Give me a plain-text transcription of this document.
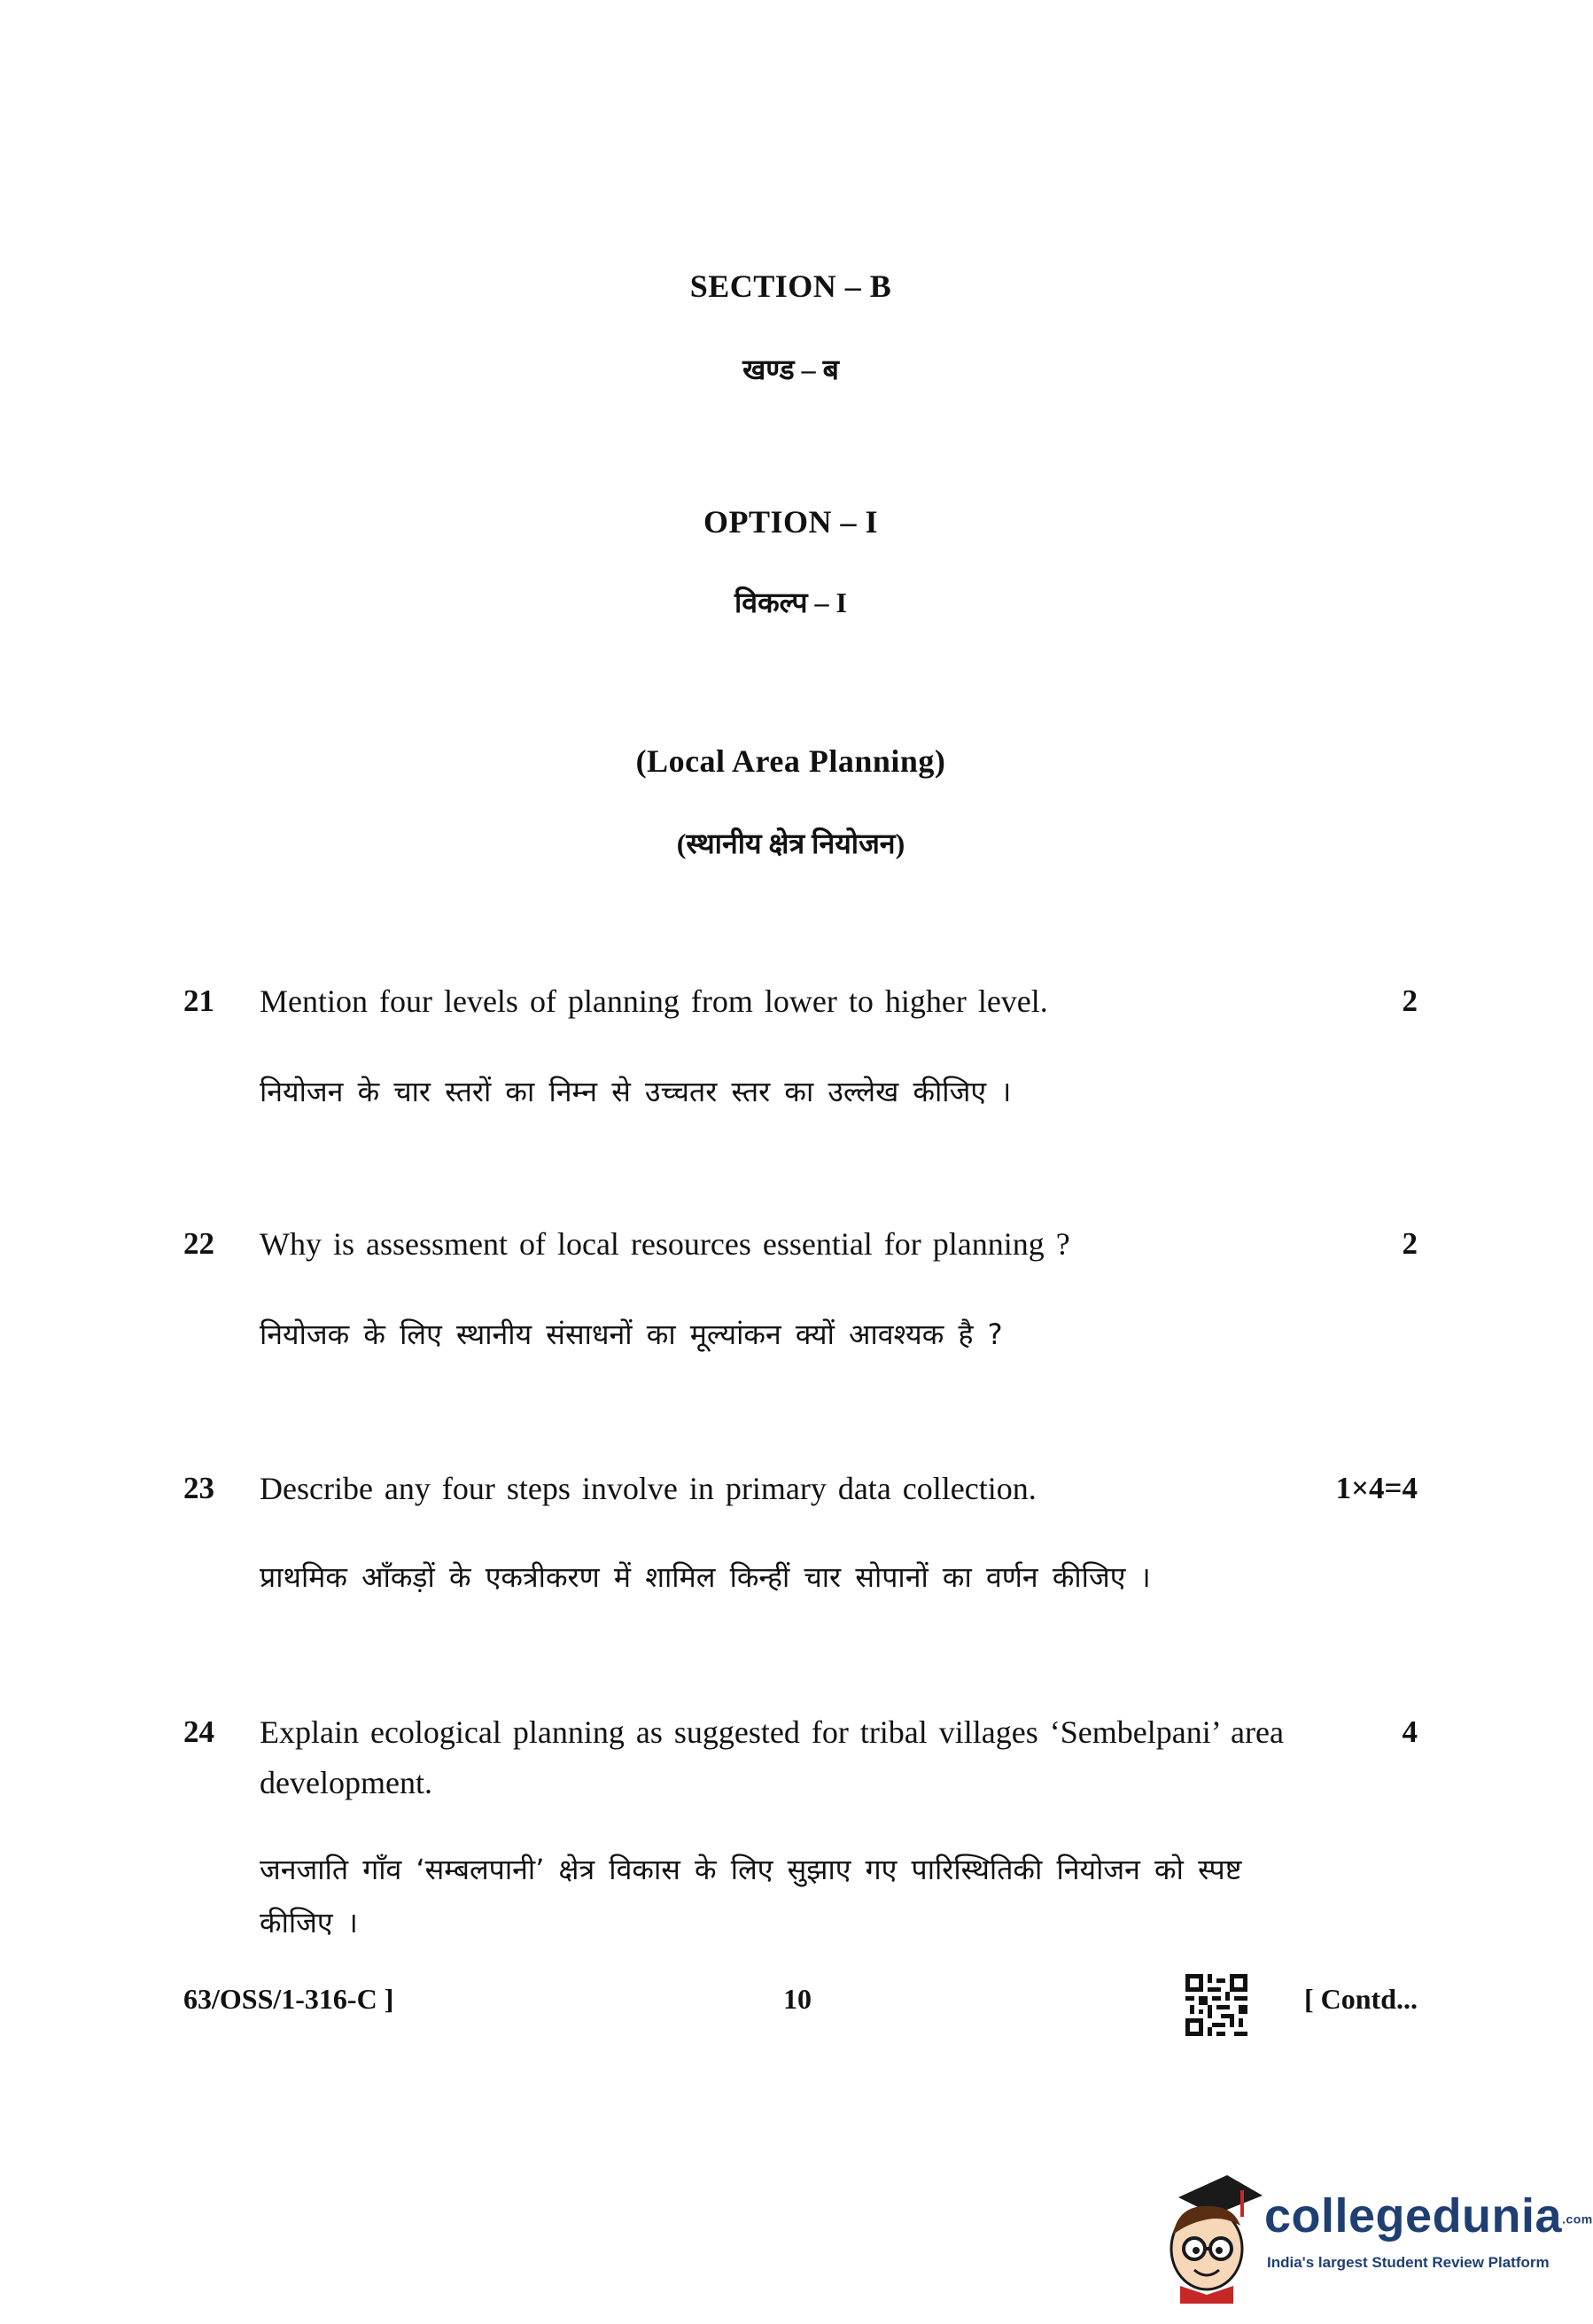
SECTION – B
खण्ड – ब
OPTION – I
विकल्प – I
(Local Area Planning)
(स्थानीय क्षेत्र नियोजन)
21 Mention four levels of planning from lower to higher level.	2
नियोजन के चार स्तरों का निम्न से उच्चतर स्तर का उल्लेख कीजिए ।
22 Why is assessment of local resources essential for planning ?	2
नियोजक के लिए स्थानीय संसाधनों का मूल्यांकन क्यों आवश्यक है ?
23 Describe any four steps involve in primary data collection.	1×4=4
प्राथमिक आँकड़ों के एकत्रीकरण में शामिल किन्हीं चार सोपानों का वर्णन कीजिए ।
24 Explain ecological planning as suggested for tribal villages ‘Sembelpani’ area development.
4
जनजाति गाँव ‘सम्बलपानी’ क्षेत्र विकास के लिए सुझाए गए पारिस्थितिकी नियोजन को स्पष्ट कीजिए ।
63/OSS/1-316-C ]	10	[ Contd...
collegedunia.com
India's largest Student Review Platform
